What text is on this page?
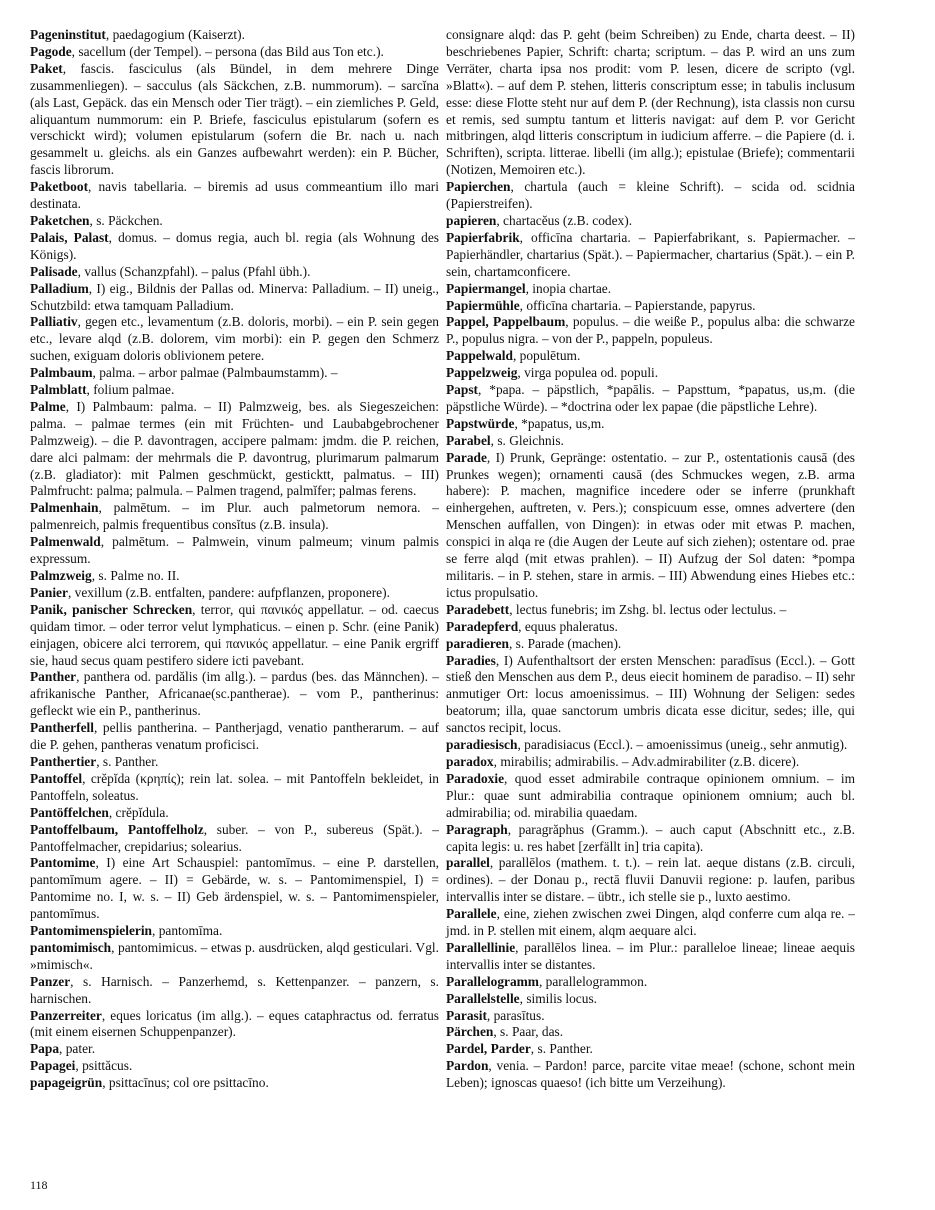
Pageninstitut, paedagogium (Kaiserzt).

Pagode, sacellum (der Tempel). – persona (das Bild aus Ton etc.).

Paket, fascis. fasciculus (als Bündel, in dem mehrere Dinge zusammenliegen). – sacculus (als Säckchen, z.B. nummorum). – sarcĭna (als Last, Gepäck. das ein Mensch oder Tier trägt). – ein ziemliches P. Geld, aliquantum nummorum: ein P. Briefe, fasciculus epistularum (sofern es verschickt wird); volumen epistularum (sofern die Br. nach u. nach gesammelt u. gleichs. als ein Ganzes aufbewahrt werden): ein P. Bücher, fascis librorum.

Paketboot, navis tabellaria. – biremis ad usus commeantium illo mari destinata.

Paketchen, s. Päckchen.

Palais, Palast, domus. – domus regia, auch bl. regia (als Wohnung des Königs).

Palisade, vallus (Schanzpfahl). – palus (Pfahl übh.).

Palladium, I) eig., Bildnis der Pallas od. Minerva: Palladium. – II) uneig., Schutzbild: etwa tamquam Palladium.

Palliativ, gegen etc., levamentum (z.B. doloris, morbi). – ein P. sein gegen etc., levare alqd (z.B. dolorem, vim morbi): ein P. gegen den Schmerz suchen, exiguam doloris oblivionem petere.

Palmbaum, palma. – arbor palmae (Palmbaumstamm). –

Palmblatt, folium palmae.

Palme, I) Palmbaum: palma. – II) Palmzweig, bes. als Siegeszeichen: palma. – palmae termes (ein mit Früchten- und Laubabgebrochener Palmzweig). – die P. davontragen, accipere palmam: jmdm. die P. reichen, dare alci palmam: der mehrmals die P. davontrug, plurimarum palmarum (z.B. gladiator): mit Palmen geschmückt, gesticktt, palmatus. – III) Palmfrucht: palma; palmula. – Palmen tragend, palmĭfer; palmas ferens.

Palmenhain, palmētum. – im Plur. auch palmetorum nemora. – palmenreich, palmis frequentibus consĭtus (z.B. insula).

Palmenwald, palmētum. – Palmwein, vinum palmeum; vinum palmis expressum.

Palmzweig, s. Palme no. II.

Panier, vexillum (z.B. entfalten, pandere: aufpflanzen, proponere).

Panik, panischer Schrecken, terror, qui πανικός appellatur. – od. caecus quidam timor. – oder terror velut lymphaticus. – einen p. Schr. (eine Panik) einjagen, obicere alci terrorem, qui πανικός appellatur. – eine Panik ergriff sie, haud secus quam pestifero sidere icti pavebant.

Panther, panthera od. pardălis (im allg.). – pardus (bes. das Männchen). – afrikanische Panther, Africanae(sc.pantherae). – vom P., pantherinus: gefleckt wie ein P., pantherinus.

Pantherfell, pellis pantherina. – Pantherjagd, venatio pantherarum. – auf die P. gehen, pantheras venatum proficisci.

Panthertier, s. Panther.

Pantoffel, crĕpĭda (κρηπίς); rein lat. solea. – mit Pantoffeln bekleidet, in Pantoffeln, soleatus.

Pantöffelchen, crĕpĭdula.

Pantoffelbaum, Pantoffelholz, suber. – von P., subereus (Spät.). – Pantoffelmacher, crepidarius; solearius.

Pantomime, I) eine Art Schauspiel: pantomīmus. – eine P. darstellen, pantomīmum agere. – II) = Gebärde, w. s. – Pantomimenspiel, I) = Pantomime no. I, w. s. – II) Geb ärdenspiel, w. s. – Pantomimenspieler, pantomīmus.

Pantomimenspielerin, pantomīma.

pantomimisch, pantomimicus. – etwas p. ausdrücken, alqd gesticulari. Vgl. »mimisch«.

Panzer, s. Harnisch. – Panzerhemd, s. Kettenpanzer. – panzern, s. harnischen.

Panzerreiter, eques loricatus (im allg.). – eques cataphractus od. ferratus (mit einem eisernen Schuppenpanzer).

Papa, pater.

Papagei, psittăcus.

papageigrün, psittacīnus; col ore psittacīno.

consignare alqd: das P. geht (beim Schreiben) zu Ende, charta deest. – II) beschriebenes Papier, Schrift: charta; scriptum. – das P. wird an uns zum Verräter, charta ipsa nos prodit: vom P. lesen, dicere de scripto (vgl. »Blatt«). – auf dem P. stehen, litteris conscriptum esse; in tabulis inclusum esse: diese Flotte steht nur auf dem P. (der Rechnung), ista classis non cursu et remis, sed sumptu tantum et litteris navigat: auf dem P. vor Gericht mitbringen, alqd litteris conscriptum in iudicium afferre. – die Papiere (d. i. Schriften), scripta. litterae. libelli (im allg.); epistulae (Briefe); commentarii (Notizen, Memoiren etc.).

Papierchen, chartula (auch = kleine Schrift). – scida od. scidnia (Papierstreifen).

papieren, chartacĕus (z.B. codex).

Papierfabrik, officīna chartaria. – Papierfabrikant, s. Papiermacher. – Papierhändler, chartarius (Spät.). – Papiermacher, chartarius (Spät.). – ein P. sein, chartamconficere.

Papiermangel, inopia chartae.

Papiermühle, officīna chartaria. – Papierstande, papyrus.

Pappel, Pappelbaum, populus. – die weiße P., populus alba: die schwarze P., populus nigra. – von der P., pappeln, populeus.

Pappelwald, populētum.

Pappelzweig, virga populea od. populi.

Papst, *papa. – päpstlich, *papālis. – Papsttum, *papatus, us,m. (die päpstliche Würde). – *doctrina oder lex papae (die päpstliche Lehre).

Papstwürde, *papatus, us,m.

Parabel, s. Gleichnis.

Parade, I) Prunk, Gepränge: ostentatio. – zur P., ostentationis causā (des Prunkes wegen); ornamenti causā (des Schmuckes wegen, z.B. arma habere): P. machen, magnifice incedere oder se inferre (prunkhaft einhergehen, auftreten, v. Pers.); conspicuum esse, omnes advertere (den Menschen auffallen, von Dingen): in etwas oder mit etwas P. machen, conspici in alqa re (die Augen der Leute auf sich ziehen); ostentare od. prae se ferre alqd (mit etwas prahlen). – II) Aufzug der Sol daten: *pompa militaris. – in P. stehen, stare in armis. – III) Abwendung eines Hiebes etc.: ictus propulsatio.

Paradebett, lectus funebris; im Zshg. bl. lectus oder lectulus. –

Paradepferd, equus phaleratus.

paradieren, s. Parade (machen).

Paradies, I) Aufenthaltsort der ersten Menschen: paradīsus (Eccl.). – Gott stieß den Menschen aus dem P., deus eiecit hominem de paradiso. – II) sehr anmutiger Ort: locus amoenissimus. – III) Wohnung der Seligen: sedes beatorum; illa, quae sanctorum umbris dicata esse dicitur, sedes; ille, qui sanctos recipit, locus.

paradiesisch, paradisiacus (Eccl.). – amoenissimus (uneig., sehr anmutig).

paradox, mirabilis; admirabilis. – Adv.admirabiliter (z.B. dicere).

Paradoxie, quod esset admirabile contraque opinionem omnium. – im Plur.: quae sunt admirabilia contraque opinionem omnium; auch bl. admirabilia; od. mirabilia quaedam.

Paragraph, paragrăphus (Gramm.). – auch caput (Abschnitt etc., z.B. capita legis: u. res habet [zerfällt in] tria capita).

parallel, parallēlos (mathem. t. t.). – rein lat. aeque distans (z.B. circuli, ordines). – der Donau p., rectā fluvii Danuvii regione: p. laufen, paribus intervallis inter se distare. – übtr., ich stelle sie p., luxto aestimo.

Parallele, eine, ziehen zwischen zwei Dingen, alqd conferre cum alqa re. – jmd. in P. stellen mit einem, alqm aequare alci.

Parallellinie, parallēlos linea. – im Plur.: paralleloe lineae; lineae aequis intervallis inter se distantes.

Parallelogramm, parallelogrammon.

Parallelstelle, similis locus.

Parasit, parasītus.

Pärchen, s. Paar, das.

Pardel, Parder, s. Panther.

Pardon, venia. – Pardon! parce, parcite vitae meae! (schone, schont mein Leben); ignoscas quaeso! (ich bitte um Verzeihung).

118
